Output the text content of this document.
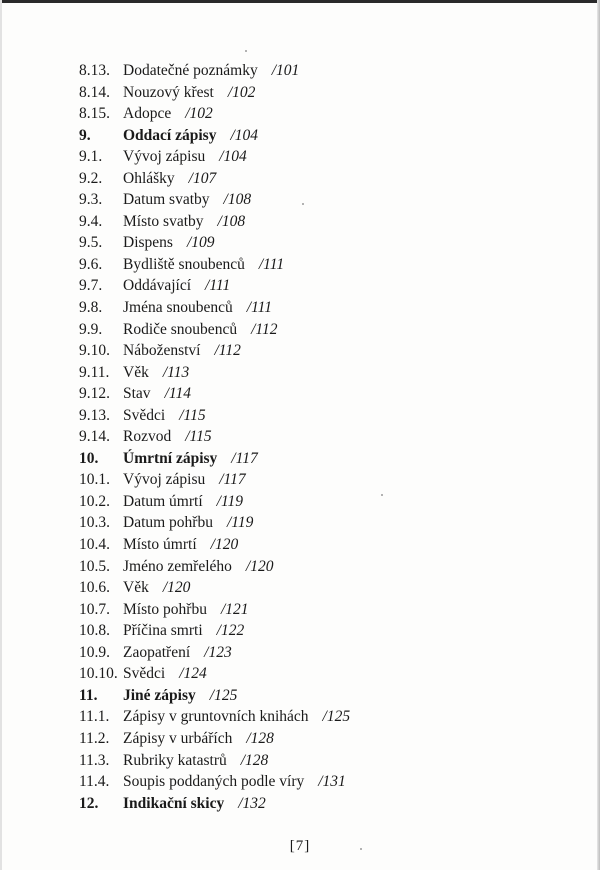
8.13. Dodatečné poznámky /101
8.14. Nouzový křest /102
8.15. Adopce /102
9. Oddací zápisy /104
9.1. Vývoj zápisu /104
9.2. Ohlášky /107
9.3. Datum svatby /108
9.4. Místo svatby /108
9.5. Dispens /109
9.6. Bydliště snoubenců /111
9.7. Oddávající /111
9.8. Jména snoubenců /111
9.9. Rodiče snoubenců /112
9.10. Náboženství /112
9.11. Věk /113
9.12. Stav /114
9.13. Svědci /115
9.14. Rozvod /115
10. Úmrtní zápisy /117
10.1. Vývoj zápisu /117
10.2. Datum úmrtí /119
10.3. Datum pohřbu /119
10.4. Místo úmrtí /120
10.5. Jméno zemřelého /120
10.6. Věk /120
10.7. Místo pohřbu /121
10.8. Příčina smrti /122
10.9. Zaopatření /123
10.10. Svědci /124
11. Jiné zápisy /125
11.1. Zápisy v gruntovních knihách /125
11.2. Zápisy v urbářích /128
11.3. Rubriky katastrů /128
11.4. Soupis poddaných podle víry /131
12. Indikační skicy /132
[7]
